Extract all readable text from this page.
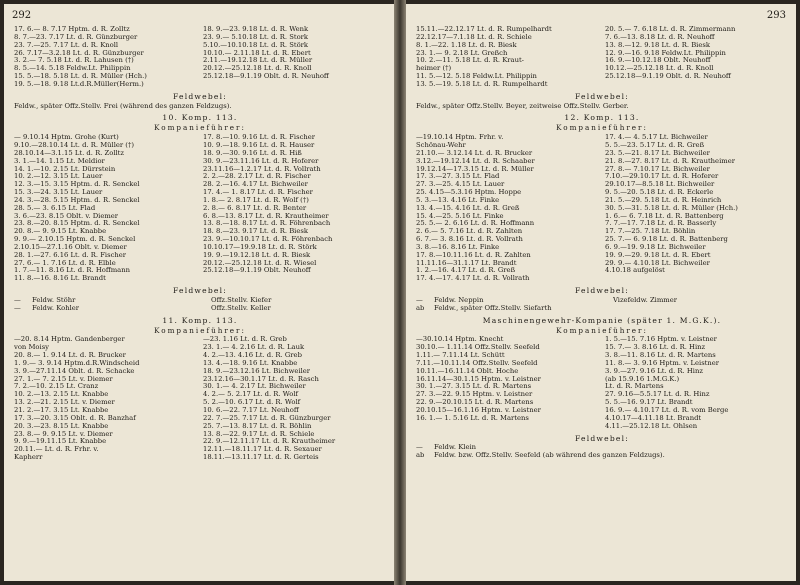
292
17. 6.— 8. 7.17 Hptm. d. R. Zolltz
8. 7.—23. 7.17 Lt. d. R. Günzburger
23. 7.—25. 7.17 Lt. d. R. Knoll
26. 7.17—3.2.18 Lt. d. R. Günzburger
3. 2.— 7. 5.18 Lt. d. R. Lahusen (†)
8. 5.—14. 5.18 Feldw.Lt. Philippin
15. 5.—18. 5.18 Lt. d. R. Müller (Hch.)
19. 5.—18. 9.18 Lt.d.R.Müller(Herm.)
18. 9.—23. 9.18 Lt. d. R. Wenk
23. 9.— 5.10.18 Lt. d. R. Stork
5.10.—10.10.18 Lt. d. R. Störk
10.10.— 2.11.18 Lt. d. R. Ebert
2.11.—19.12.18 Lt. d. R. Müller
20.12.—25.12.18 Lt. d. R. Knoll
25.12.18—9.1.19 Oblt. d. R. Neuhoff
Feldwebel:
Feldw., später Offz.Stellv. Frei (während des ganzen Feldzugs).
10. Komp. 113.
Kompanieführer:
— 9.10.14 Hptm. Grohe (Kurt)
9.10.—28.10.14 Lt. d. R. Müller (†)
28.10.14—3.1.15 Lt. d. R. Zolltz
3. 1.—14. 1.15 Lt. Meldior
14. 1.—10. 2.15 Lt. Dürrstein
10. 2.—12. 3.15 Lt. Lauer
12. 3.—15. 3.15 Hptm. d. R. Senckel
15. 3.—24. 3.15 Lt. Lauer
24. 3.—28. 5.15 Hptm. d. R. Senckel
28. 5.— 3. 6.15 Lt. Flad
3. 6.—23. 8.15 Oblt. v. Diemer
23. 8.—20. 8.15 Hptm. d. R. Senckel
20. 8.— 9. 9.15 Lt. Knabbe
9. 9.— 2.10.15 Hptm. d. R. Senckel
2.10.15—27.1.16 Oblt. v. Diemer
28. 1.—27. 6.16 Lt. d. R. Fischer
27. 6.— 1. 7.16 Lt. d. R. Elble
1. 7.—11. 8.16 Lt. d. R. Hoffmann
11. 8.—16. 8.16 Lt. Brandt
17. 8.—10. 9.16 Lt. d. R. Fischer
10. 9.—18. 9.16 Lt. d. R. Hauser
18. 9.—30. 9.16 Lt. d. R. Hiß
30. 9.—23.11.16 Lt. d. R. Hoferer
23.11.16—1.2.17 Lt. d. R. Vollrath
2. 2.—28. 2.17 Lt. d. R. Fischer
28. 2.—16. 4.17 Lt. Bichweiler
17. 4.— 1. 8.17 Lt. d. R. Fischer
1. 8.— 2. 8.17 Lt. d. R. Wolf (†)
2. 8.— 6. 8.17 Lt. d. R. Benter
6. 8.—13. 8.17 Lt. d. R. Krautheimer
13. 8.—18. 8.17 Lt. d. R. Föhrenbach
18. 8.—23. 9.17 Lt. d. R. Biesk
23. 9.—10.10.17 Lt. d. R. Föhrenbach
10.10.17—19.9.18 Lt. d. R. Störk
19. 9.—19.12.18 Lt. d. R. Biesk
20.12.—25.12.18 Lt. d. R. Wiesel
25.12.18—9.1.19 Oblt. Neuhoff
Feldwebel:
—	Feldw. Stöhr	Offz.Stellv. Kiefer
—	Feldw. Kohler	Offz.Stellv. Keller
11. Komp. 113.
Kompanieführer:
—20. 8.14 Hptm. Gandenberger
von Moisy
20. 8.— 1. 9.14 Lt. d. R. Brucker
1. 9.— 3. 9.14 Hptm.d.R.Windscheid
3. 9.—27.11.14 Oblt. d. R. Schacke
27. 1.— 7. 2.15 Lt. v. Diemer
7. 2.—10. 2.15 Lt. Cranz
10. 2.—13. 2.15 Lt. Knabbe
13. 2.—21. 2.15 Lt. v. Diemer
21. 2.—17. 3.15 Lt. Knabbe
17. 3.—20. 3.15 Oblt. d. R. Banzhaf
20. 3.—23. 8.15 Lt. Knabbe
23. 8.— 9. 9.15 Lt. v. Diemer
9. 9.—19.11.15 Lt. Knabbe
20.11.— Lt. d. R. Frhr. v.
Kapherr
—23. 1.16 Lt. d. R. Greb
23. 1.— 4. 2.16 Lt. d. R. Lauk
4. 2.—13. 4.16 Lt. d. R. Greb
13. 4.—18. 9.16 Lt. Knabbe
18. 9.—23.12.16 Lt. Bichweiler
23.12.16—30.1.17 Lt. d. R. Rasch
30. 1.— 4. 2.17 Lt. Bichweiler
4. 2.— 5. 2.17 Lt. d. R. Wolf
5. 2.—10. 6.17 Lt. d. R. Wolf
10. 6.—22. 7.17 Lt. Neuhoff
22. 7.—25. 7.17 Lt. d. R. Günzburger
25. 7.—13. 8.17 Lt. d. R. Böhlin
13. 8.—22. 9.17 Lt. d. R. Schiele
22. 9.—12.11.17 Lt. d. R. Krautheimer
12.11.—18.11.17 Lt. d. R. Sexauer
18.11.—13.11.17 Lt. d. R. Gerteis
293
15.11.—22.12.17 Lt. d. R. Rumpelhardt
22.12.17—7.1.18 Lt. d. R. Schiele
8. 1.—22. 1.18 Lt. d. R. Biesk
23. 1.— 9. 2.18 Lt. Greßch
10. 2.—11. 5.18 Lt. d. R. Kraut-
heimer (†)
11. 5.—12. 5.18 Feldw.Lt. Philippin
13. 5.—19. 5.18 Lt. d. R. Rumpelhardt
20. 5.— 7. 6.18 Lt. d. R. Zimmermann
7. 6.—13. 8.18 Lt. d. R. Neuhoff
13. 8.—12. 9.18 Lt. d. R. Biesk
12. 9.—16. 9.18 Feldw.Lt. Philippin
16. 9.—10.12.18 Oblt. Neuhoff
10.12.—25.12.18 Lt. d. R. Knoll
25.12.18—9.1.19 Oblt. d. R. Neuhoff
Feldwebel:
Feldw., später Offz.Stellv. Beyer, zeitweise Offz.Stellv. Gerber.
12. Komp. 113.
Kompanieführer:
—19.10.14 Hptm. Frhr. v.
Schönau-Wehr
21.10.— 3.12.14 Lt. d. R. Brucker
3.12.—19.12.14 Lt. d. R. Schaaber
19.12.14—17.3.15 Lt. d. R. Müller
17. 3.—27. 3.15 Lt. Flad
27. 3.—25. 4.15 Lt. Lauer
25. 4.15—5.3.16 Hptm. Hoppe
5. 3.—13. 4.16 Lt. Finke
13. 4.—15. 4.16 Lt. d. R. Greß
15. 4.—25. 5.16 Lt. Finke
25. 5.— 2. 6.16 Lt. d. R. Hoffmann
2. 6.— 5. 7.16 Lt. d. R. Zahlten
6. 7.— 3. 8.16 Lt. d. R. Vollrath
3. 8.—16. 8.16 Lt. Finke
17. 8.—10.11.16 Lt. d. R. Zahlten
11.11.16—31.1.17 Lt. Brandt
1. 2.—16. 4.17 Lt. d. R. Greß
17. 4.—17. 4.17 Lt. d. R. Vollrath
17. 4.— 4. 5.17 Lt. Bichweiler
5. 5.—23. 5.17 Lt. d. R. Greß
23. 5.—21. 8.17 Lt. Bichweiler
21. 8.—27. 8.17 Lt. d. R. Krautheimer
27. 8.— 7.10.17 Lt. Bichweiler
7.10.—29.10.17 Lt. d. R. Hoferer
29.10.17—8.5.18 Lt. Bichweiler
9. 5.—20. 5.18 Lt. d. R. Eckerle
21. 5.—29. 5.18 Lt. d. R. Heinrich
30. 5.—31. 5.18 Lt. d. R. Müller (Hch.)
1. 6.— 6. 7.18 Lt. d. R. Battenberg
7. 7.—17. 7.18 Lt. d. R. Basserly
17. 7.—25. 7.18 Lt. Böhlin
25. 7.— 6. 9.18 Lt. d. R. Battenberg
6. 9.—19. 9.18 Lt. Bichweiler
19. 9.—29. 9.18 Lt. d. R. Ebert
29. 9.— 4.10.18 Lt. Bichweiler
4.10.18 aufgelöst
Feldwebel:
—	Feldw. Neppin	Vizefeldw. Zimmer
ab	Feldw., später Offz.Stellv. Siefarth
Maschinengewehr-Kompanie (später 1. M.G.K.).
Kompanieführer:
—30.10.14 Hptm. Knecht
30.10.— 1.11.14 Offz.Stellv. Seefeld
1.11.— 7.11.14 Lt. Schütt
7.11.—10.11.14 Offz.Stellv. Seefeld
10.11.—16.11.14 Oblt. Hoche
16.11.14—30.1.15 Hptm. v. Leistner
30. 1.—27. 3.15 Lt. d. R. Martens
27. 3.—22. 9.15 Hptm. v. Leistner
22. 9.—20.10.15 Lt. d. R. Martens
20.10.15—16.1.16 Hptm. v. Leistner
16. 1.— 1. 5.16 Lt. d. R. Martens
1. 5.—15. 7.16 Hptm. v. Leistner
15. 7.— 3. 8.16 Lt. d. R. Hinz
3. 8.—11. 8.16 Lt. d. R. Martens
11. 8.— 3. 9.16 Hptm. v. Leistner
3. 9.—27. 9.16 Lt. d. R. Hinz
(ab 15.9.16 1.M.G.K.)
Lt. d. R. Martens
27. 9.16—5.5.17 Lt. d. R. Hinz
5. 5.—16. 9.17 Lt. Brandt
16. 9.— 4.10.17 Lt. d. R. vom Berge
4.10.17—4.11.18 Lt. Brandt
4.11.—25.12.18 Lt. Ohlsen
Feldwebel:
—	Feldw. Klein
ab	Feldw. bzw. Offz.Stellv. Seefeld (ab während des ganzen Feldzugs).
